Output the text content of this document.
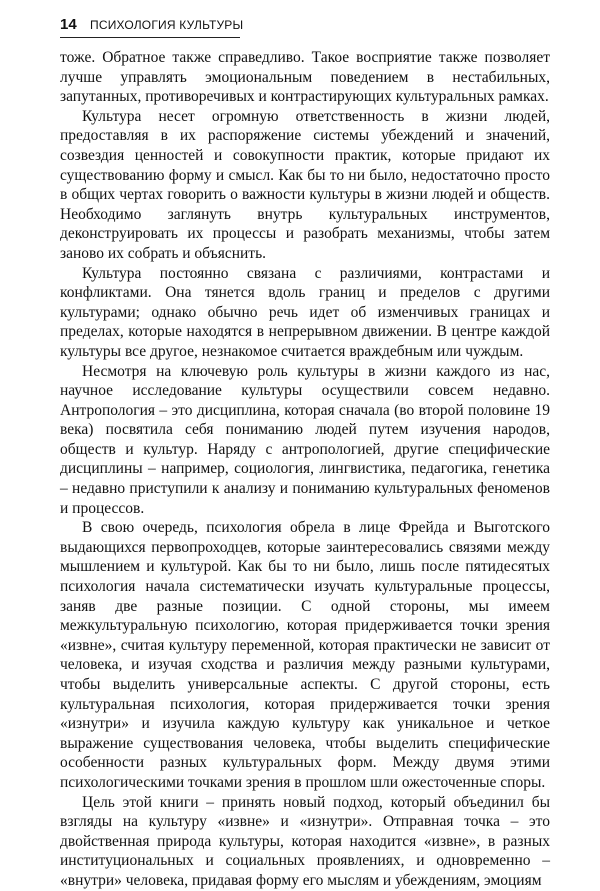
14 ПСИХОЛОГИЯ КУЛЬТУРЫ

тоже. Обратное также справедливо. Такое восприятие также позволяет лучше управлять эмоциональным поведением в нестабильных, запутанных, противоречивых и контрастирующих культуральных рамках.

Культура несет огромную ответственность в жизни людей, предоставляя в их распоряжение системы убеждений и значений, созвездия ценностей и совокупности практик, которые придают их существованию форму и смысл. Как бы то ни было, недостаточно просто в общих чертах говорить о важности культуры в жизни людей и обществ. Необходимо заглянуть внутрь культуральных инструментов, деконструировать их процессы и разобрать механизмы, чтобы затем заново их собрать и объяснить.

Культура постоянно связана с различиями, контрастами и конфликтами. Она тянется вдоль границ и пределов с другими культурами; однако обычно речь идет об изменчивых границах и пределах, которые находятся в непрерывном движении. В центре каждой культуры все другое, незнакомое считается враждебным или чуждым.

Несмотря на ключевую роль культуры в жизни каждого из нас, научное исследование культуры осуществили совсем недавно. Антропология – это дисциплина, которая сначала (во второй половине 19 века) посвятила себя пониманию людей путем изучения народов, обществ и культур. Наряду с антропологией, другие специфические дисциплины – например, социология, лингвистика, педагогика, генетика – недавно приступили к анализу и пониманию культуральных феноменов и процессов.

В свою очередь, психология обрела в лице Фрейда и Выготского выдающихся первопроходцев, которые заинтересовались связями между мышлением и культурой. Как бы то ни было, лишь после пятидесятых психология начала систематически изучать культуральные процессы, заняв две разные позиции. С одной стороны, мы имеем межкультуральную психологию, которая придерживается точки зрения «извне», считая культуру переменной, которая практически не зависит от человека, и изучая сходства и различия между разными культурами, чтобы выделить универсальные аспекты. С другой стороны, есть культуральная психология, которая придерживается точки зрения «изнутри» и изучила каждую культуру как уникальное и четкое выражение существования человека, чтобы выделить специфические особенности разных культуральных форм. Между двумя этими психологическими точками зрения в прошлом шли ожесточенные споры.

Цель этой книги – принять новый подход, который объединил бы взгляды на культуру «извне» и «изнутри». Отправная точка – это двойственная природа культуры, которая находится «извне», в разных институциональных и социальных проявлениях, и одновременно – «внутри» человека, придавая форму его мыслям и убеждениям, эмоциям
